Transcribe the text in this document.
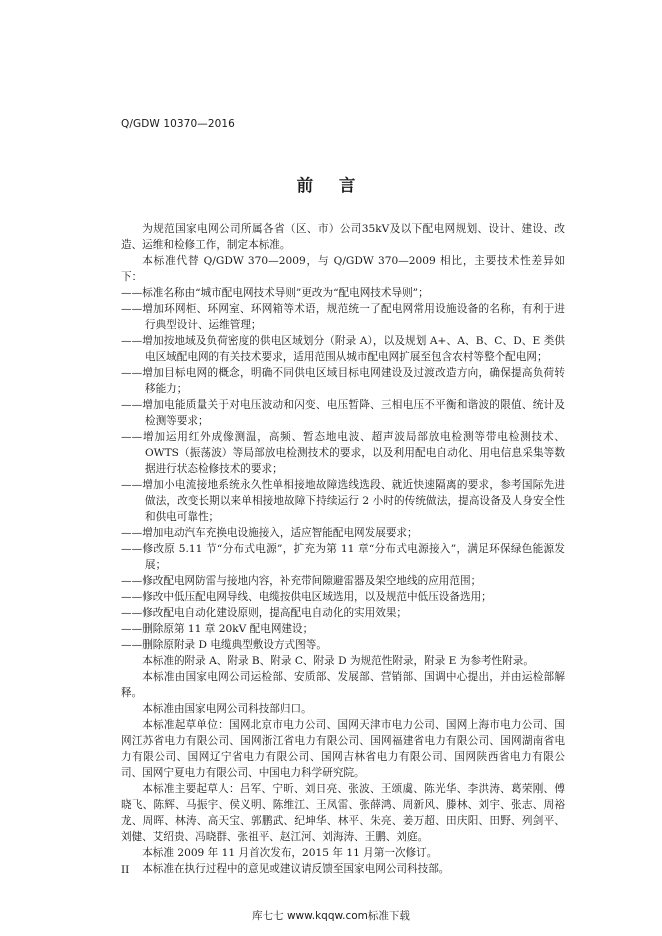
Q/GDW 10370—2016
前 言

为规范国家电网公司所属各省（区、市）公司35kV及以下配电网规划、设计、建设、改造、运维和检修工作，制定本标准。

本标准代替 Q/GDW 370—2009，与 Q/GDW 370—2009 相比，主要技术性差异如下：

——标准名称由“城市配电网技术导则”更改为“配电网技术导则”；
——增加环网柜、环网室、环网箱等术语，规范统一了配电网常用设施设备的名称，有利于进行典型设计、运维管理；
——增加按地域及负荷密度的供电区域划分（附录 A），以及规划 A+、A、B、C、D、E 类供电区域配电网的有关技术要求，适用范围从城市配电网扩展至包含农村等整个配电网；
——增加目标电网的概念，明确不同供电区域目标电网建设及过渡改造方向，确保提高负荷转移能力；
——增加电能质量关于对电压波动和闪变、电压暂降、三相电压不平衡和谐波的限值、统计及检测等要求；
——增加运用红外成像测温，高频、暂态地电波、超声波局部放电检测等带电检测技术、OWTS（振荡波）等局部放电检测技术的要求，以及利用配电自动化、用电信息采集等数据进行状态检修技术的要求；
——增加小电流接地系统永久性单相接地故障选线选段、就近快速隔离的要求，参考国际先进做法，改变长期以来单相接地故障下持续运行 2 小时的传统做法，提高设备及人身安全性和供电可靠性；
——增加电动汽车充换电设施接入，适应智能配电网发展要求；
——修改原 5.11 节“分布式电源”，扩充为第 11 章“分布式电源接入”，满足环保绿色能源发展；
——修改配电网防雷与接地内容，补充带间隙避雷器及架空地线的应用范围；
——修改中低压配电网导线、电缆按供电区域选用，以及规范中低压设备选用；
——修改配电自动化建设原则，提高配电自动化的实用效果；
——删除原第 11 章 20kV 配电网建设；
——删除原附录 D 电缆典型敷设方式图等。

本标准的附录 A、附录 B、附录 C、附录 D 为规范性附录，附录 E 为参考性附录。

本标准由国家电网公司运检部、安质部、发展部、营销部、国调中心提出，并由运检部解释。

本标准由国家电网公司科技部归口。

本标准起草单位：国网北京市电力公司、国网天津市电力公司、国网上海市电力公司、国网江苏省电力有限公司、国网浙江省电力有限公司、国网福建省电力有限公司、国网湖南省电力有限公司、国网辽宁省电力有限公司、国网吉林省电力有限公司、国网陕西省电力有限公司、国网宁夏电力有限公司、中国电力科学研究院。

本标准主要起草人：吕军、宁昕、刘日亮、张波、王颂虞、陈光华、李洪涛、葛荣刚、傅晓飞、陈辉、马振宇、侯义明、陈维江、王凤雷、张薛鸿、周新风、滕林、刘宇、张志、周裕龙、周晖、林涛、高天宝、郭鹏武、纪坤华、林平、朱亮、姜万超、田庆阳、田野、列剑平、刘健、艾绍贵、冯晓群、张祖平、赵江河、刘海涛、王鹏、刘庭。

本标准 2009 年 11 月首次发布，2015 年 11 月第一次修订。

本标准在执行过程中的意见或建议请反馈至国家电网公司科技部。

II
库七七 www.kqqw.com标准下载
